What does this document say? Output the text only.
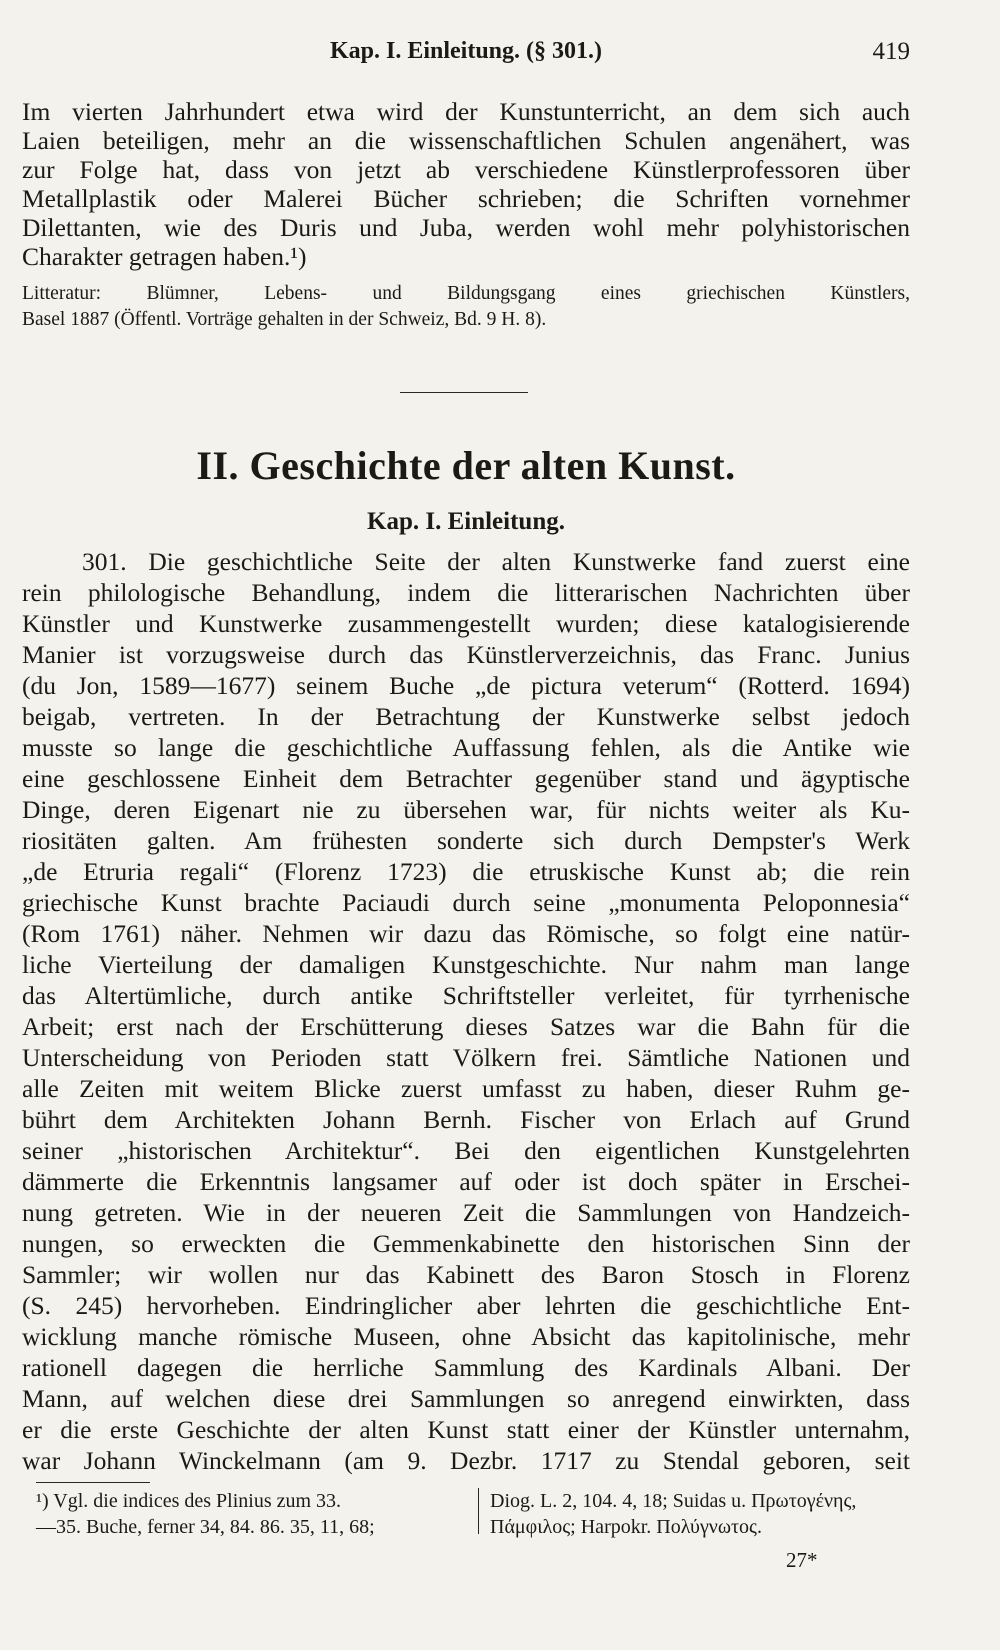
Kap. I. Einleitung. (§ 301.)	419
Im vierten Jahrhundert etwa wird der Kunstunterricht, an dem sich auch
Laien beteiligen, mehr an die wissenschaftlichen Schulen angenähert, was
zur Folge hat, dass von jetzt ab verschiedene Künstlerprofessoren über
Metallplastik oder Malerei Bücher schrieben; die Schriften vornehmer
Dilettanten, wie des Duris und Juba, werden wohl mehr polyhistorischen
Charakter getragen haben.¹)
Litteratur: Blümner, Lebens- und Bildungsgang eines griechischen Künstlers,
Basel 1887 (Öffentl. Vorträge gehalten in der Schweiz, Bd. 9 H. 8).
II. Geschichte der alten Kunst.
Kap. I. Einleitung.
301. Die geschichtliche Seite der alten Kunstwerke fand zuerst eine
rein philologische Behandlung, indem die litterarischen Nachrichten über
Künstler und Kunstwerke zusammengestellt wurden; diese katalogisierende
Manier ist vorzugsweise durch das Künstlerverzeichnis, das Franc. Junius
(du Jon, 1589—1677) seinem Buche „de pictura veterum“ (Rotterd. 1694)
beigab, vertreten. In der Betrachtung der Kunstwerke selbst jedoch
musste so lange die geschichtliche Auffassung fehlen, als die Antike wie
eine geschlossene Einheit dem Betrachter gegenüber stand und ägyptische
Dinge, deren Eigenart nie zu übersehen war, für nichts weiter als Ku-
riositäten galten. Am frühesten sonderte sich durch Dempster's Werk
„de Etruria regali“ (Florenz 1723) die etruskische Kunst ab; die rein
griechische Kunst brachte Paciaudi durch seine „monumenta Peloponnesia“
(Rom 1761) näher. Nehmen wir dazu das Römische, so folgt eine natür-
liche Vierteilung der damaligen Kunstgeschichte. Nur nahm man lange
das Altertümliche, durch antike Schriftsteller verleitet, für tyrrhenische
Arbeit; erst nach der Erschütterung dieses Satzes war die Bahn für die
Unterscheidung von Perioden statt Völkern frei. Sämtliche Nationen und
alle Zeiten mit weitem Blicke zuerst umfasst zu haben, dieser Ruhm ge-
bührt dem Architekten Johann Bernh. Fischer von Erlach auf Grund
seiner „historischen Architektur“. Bei den eigentlichen Kunstgelehrten
dämmerte die Erkenntnis langsamer auf oder ist doch später in Erschei-
nung getreten. Wie in der neueren Zeit die Sammlungen von Handzeich-
nungen, so erweckten die Gemmenkabinette den historischen Sinn der
Sammler; wir wollen nur das Kabinett des Baron Stosch in Florenz
(S. 245) hervorheben. Eindringlicher aber lehrten die geschichtliche Ent-
wicklung manche römische Museen, ohne Absicht das kapitolinische, mehr
rationell dagegen die herrliche Sammlung des Kardinals Albani. Der
Mann, auf welchen diese drei Sammlungen so anregend einwirkten, dass
er die erste Geschichte der alten Kunst statt einer der Künstler unternahm,
war Johann Winckelmann (am 9. Dezbr. 1717 zu Stendal geboren, seit
¹) Vgl. die indices des Plinius zum 33.
—35. Buche, ferner 34, 84. 86. 35, 11, 68;
Diog. L. 2, 104. 4, 18; Suidas u. Πρωτογένης,
Πάμφιλος; Harpokr. Πολύγνωτος.
27*
